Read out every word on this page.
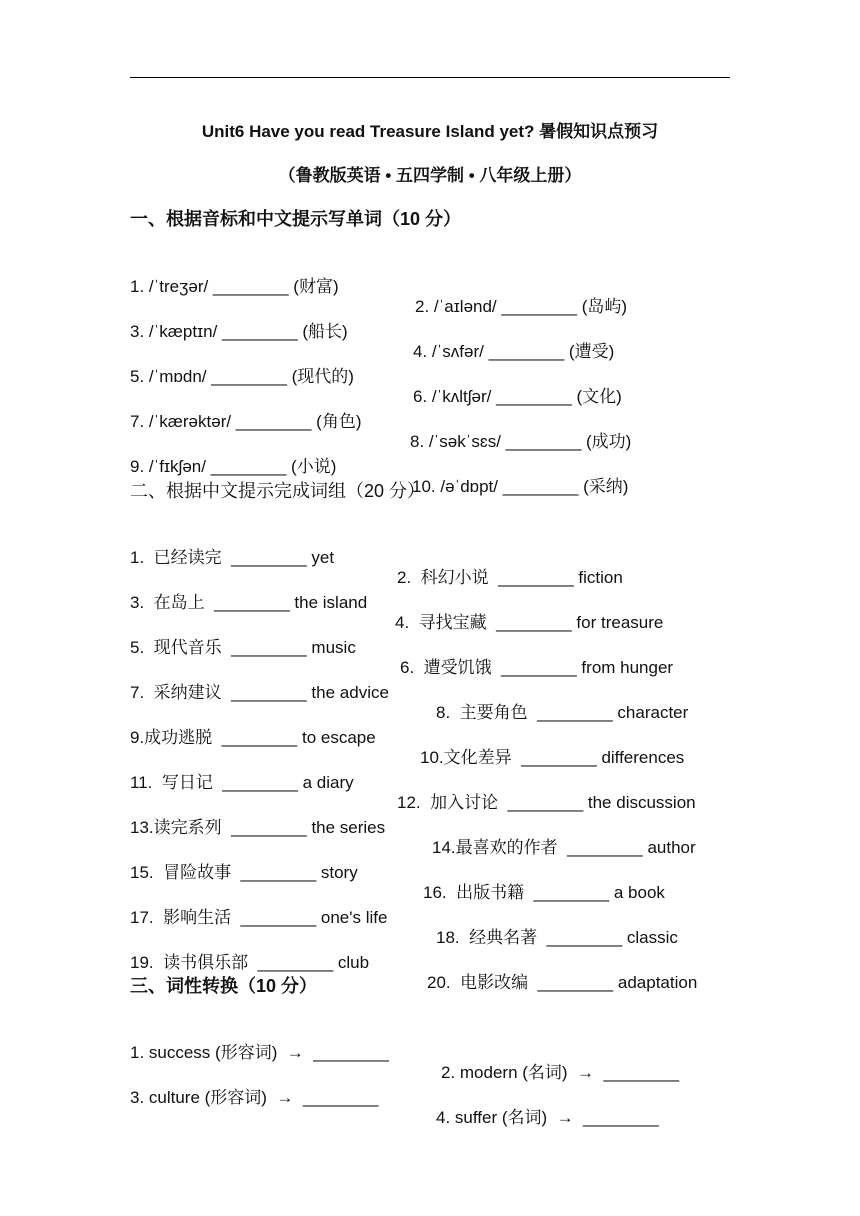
Unit6 Have you read Treasure Island yet? 暑假知识点预习
（鲁教版英语 • 五四学制 • 八年级上册）
一、根据音标和中文提示写单词（10 分）

1. /ˈtreʒər/ ________ (财富)

2. /ˈaɪlənd/ ________ (岛屿)

3. /ˈkæptɪn/ ________ (船长)

4. /ˈsʌfər/ ________ (遭受)

5. /ˈmɒdn/ ________ (现代的)

6. /ˈkʌltʃər/ ________ (文化)

7. /ˈkærəktər/ ________ (角色)

8. /ˈsəkˈsɛs/ ________ (成功)

9. /ˈfɪkʃən/ ________ (小说)

10. /əˈdɒpt/ ________ (采纳)

二、根据中文提示完成词组（20 分）

1.  已经读完  ________ yet

2.  科幻小说  ________ fiction

3.  在岛上  ________ the island

4.  寻找宝藏  ________ for treasure

5.  现代音乐  ________ music

6.  遭受饥饿  ________ from hunger

7.  采纳建议  ________ the advice

8.  主要角色  ________ character

9.成功逃脱  ________ to escape

10.文化差异  ________ differences

11.  写日记  ________ a diary

12.  加入讨论  ________ the discussion

13.读完系列  ________ the series

14.最喜欢的作者  ________ author

15.  冒险故事  ________ story

16.  出版书籍  ________ a book

17.  影响生活  ________ one's life

18.  经典名著  ________ classic

19.  读书俱乐部  ________ club

20.  电影改编  ________ adaptation

三、词性转换（10 分）

1. success (形容词)  →  ________

2. modern (名词)  →  ________

3. culture (形容词)  →  ________

4. suffer (名词)  →  ________
